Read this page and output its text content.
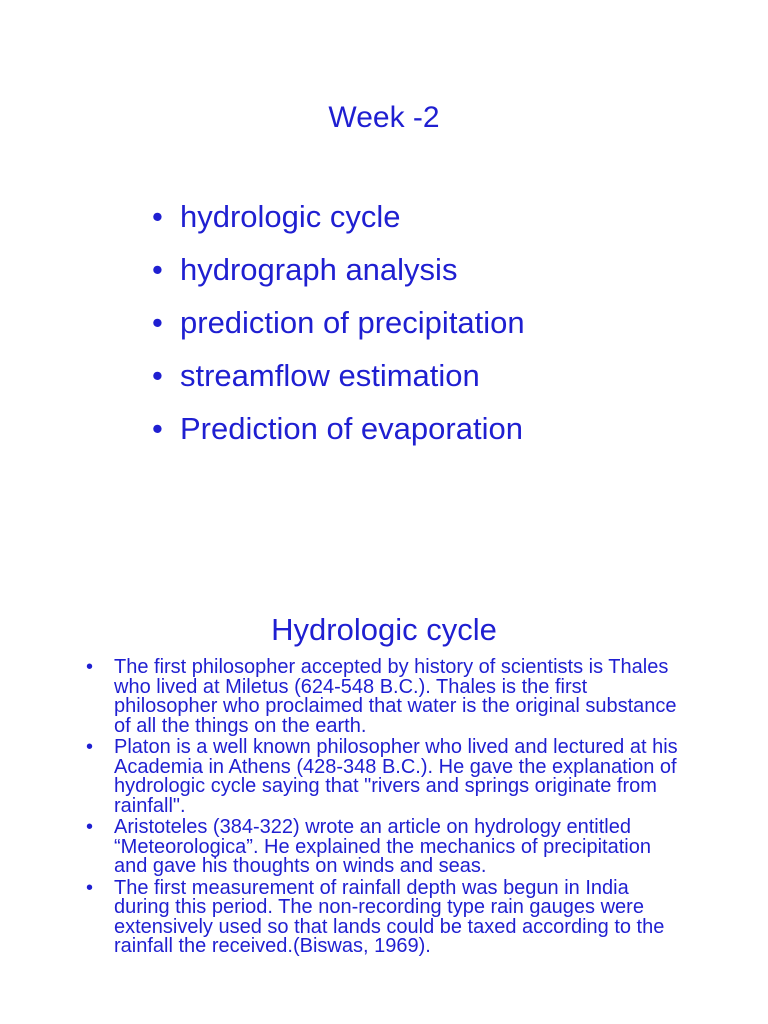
Week -2
• hydrologic cycle
• hydrograph analysis
• prediction of precipitation
• streamflow estimation
• Prediction of evaporation
Hydrologic cycle
• The first philosopher accepted by history of scientists is Thales who lived at Miletus (624-548 B.C.). Thales is the first philosopher who proclaimed that water is the original substance of all the things on the earth.
• Platon is a well known philosopher who lived and lectured at his Academia in Athens (428-348 B.C.). He gave the explanation of hydrologic cycle saying that "rivers and springs originate from rainfall".
• Aristoteles (384-322) wrote an article on hydrology entitled “Meteorologica”. He explained the mechanics of precipitation and gave his thoughts on winds and seas.
• The first measurement of rainfall depth was begun in India during this period. The non-recording type rain gauges were extensively used so that lands could be taxed according to the rainfall the received.(Biswas, 1969).
